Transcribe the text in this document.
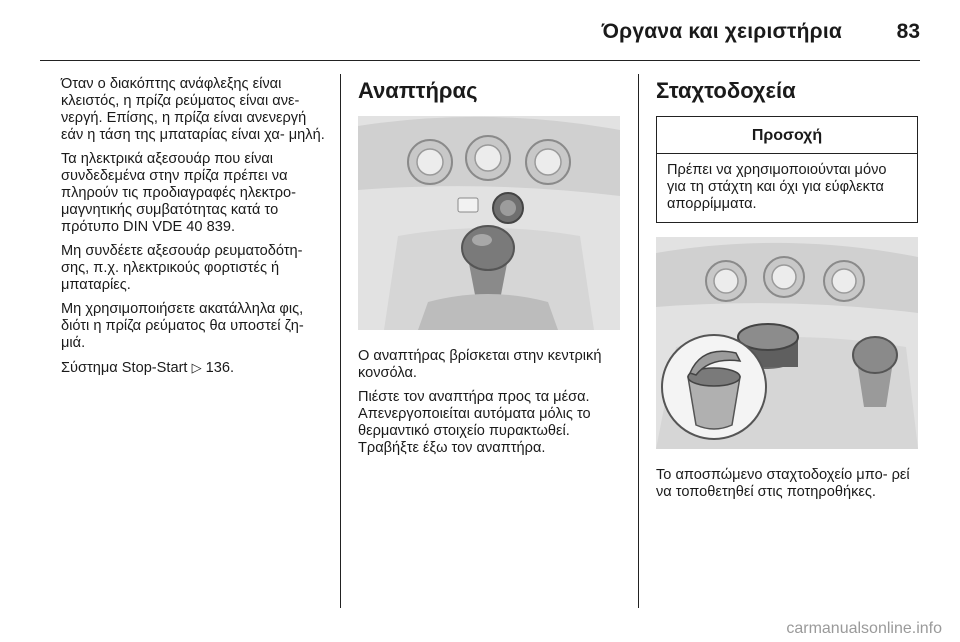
Όργανα και χειριστήρια	83

Όταν ο διακόπτης ανάφλεξης είναι κλειστός, η πρίζα ρεύματος είναι ανε- νεργή. Επίσης, η πρίζα είναι ανενεργή εάν η τάση της μπαταρίας είναι χα- μηλή.

Τα ηλεκτρικά αξεσουάρ που είναι συνδεδεμένα στην πρίζα πρέπει να πληρούν τις προδιαγραφές ηλεκτρο- μαγνητικής συμβατότητας κατά το πρότυπο DIN VDE 40 839.

Μη συνδέετε αξεσουάρ ρευματοδότη- σης, π.χ. ηλεκτρικούς φορτιστές ή μπαταρίες.

Μη χρησιμοποιήσετε ακατάλληλα φις, διότι η πρίζα ρεύματος θα υποστεί ζη- μιά.

Σύστημα Stop-Start ▷ 136.

Αναπτήρας

Ο αναπτήρας βρίσκεται στην κεντρική κονσόλα.

Πιέστε τον αναπτήρα προς τα μέσα. Απενεργοποιείται αυτόματα μόλις το θερμαντικό στοιχείο πυρακτωθεί. Τραβήξτε έξω τον αναπτήρα.

Σταχτοδοχεία
Προσοχή
Πρέπει να χρησιμοποιούνται μόνο για τη στάχτη και όχι για εύφλεκτα απορρίμματα.

Το αποσπώμενο σταχτοδοχείο μπο- ρεί να τοποθετηθεί στις ποτηροθήκες.

carmanualsonline.info
